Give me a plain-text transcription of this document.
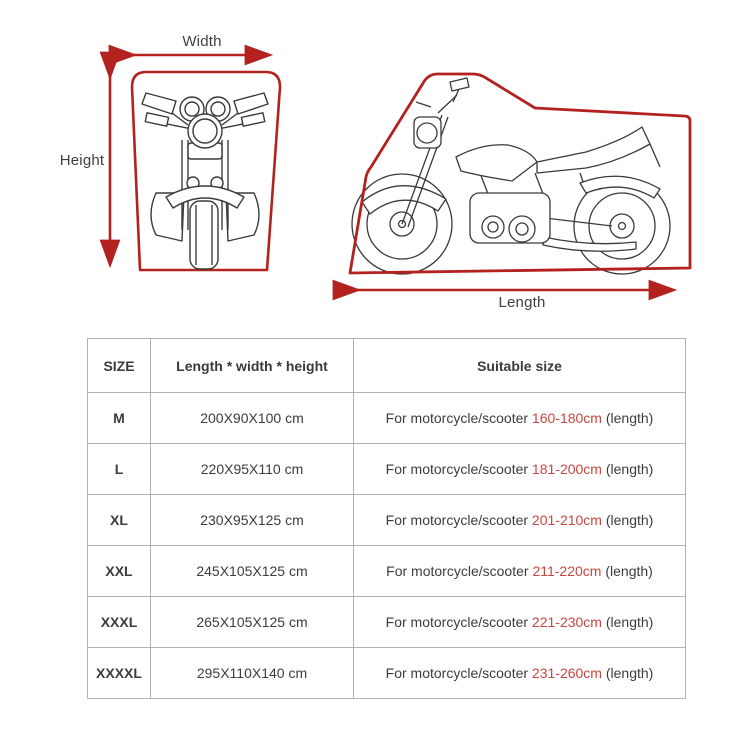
Width
Height
Length
SIZE	Length * width * height	Suitable size
M	200X90X100 cm	For motorcycle/scooter 160-180cm (length)
L	220X95X110 cm	For motorcycle/scooter 181-200cm (length)
XL	230X95X125 cm	For motorcycle/scooter 201-210cm (length)
XXL	245X105X125 cm	For motorcycle/scooter 211-220cm (length)
XXXL	265X105X125 cm	For motorcycle/scooter 221-230cm (length)
XXXXL	295X110X140 cm	For motorcycle/scooter 231-260cm (length)
